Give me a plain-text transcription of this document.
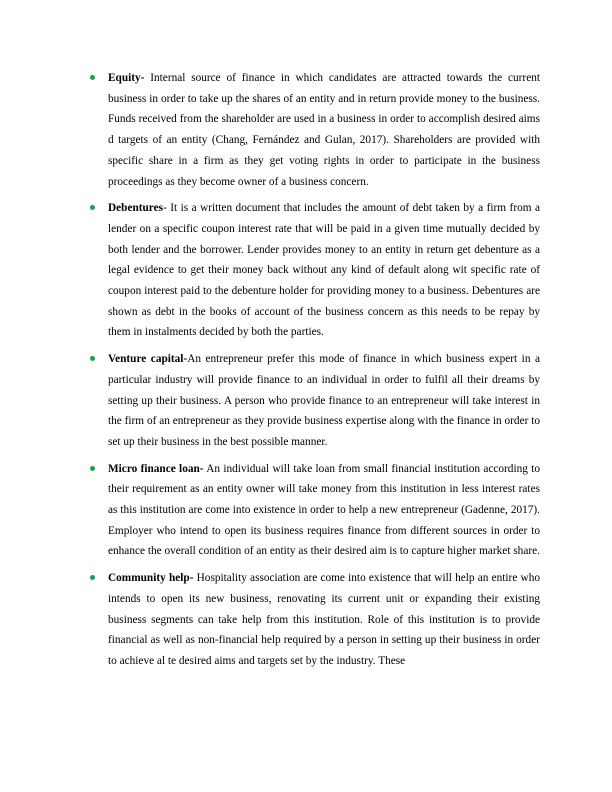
Equity- Internal source of finance in which candidates are attracted towards the current business in order to take up the shares of an entity and in return provide money to the business. Funds received from the shareholder are used in a business in order to accomplish desired aims d targets of an entity (Chang, Fernández and Gulan, 2017). Shareholders are provided with specific share in a firm as they get voting rights in order to participate in the business proceedings as they become owner of a business concern.
Debentures- It is a written document that includes the amount of debt taken by a firm from a lender on a specific coupon interest rate that will be paid in a given time mutually decided by both lender and the borrower. Lender provides money to an entity in return get debenture as a legal evidence to get their money back without any kind of default along wit specific rate of coupon interest paid to the debenture holder for providing money to a business. Debentures are shown as debt in the books of account of the business concern as this needs to be repay by them in instalments decided by both the parties.
Venture capital-An entrepreneur prefer this mode of finance in which business expert in a particular industry will provide finance to an individual in order to fulfil all their dreams by setting up their business. A person who provide finance to an entrepreneur will take interest in the firm of an entrepreneur as they provide business expertise along with the finance in order to set up their business in the best possible manner.
Micro finance loan- An individual will take loan from small financial institution according to their requirement as an entity owner will take money from this institution in less interest rates as this institution are come into existence in order to help a new entrepreneur (Gadenne, 2017). Employer who intend to open its business requires finance from different sources in order to enhance the overall condition of an entity as their desired aim is to capture higher market share.
Community help- Hospitality association are come into existence that will help an entire who intends to open its new business, renovating its current unit or expanding their existing business segments can take help from this institution. Role of this institution is to provide financial as well as non-financial help required by a person in setting up their business in order to achieve al te desired aims and targets set by the industry. These
